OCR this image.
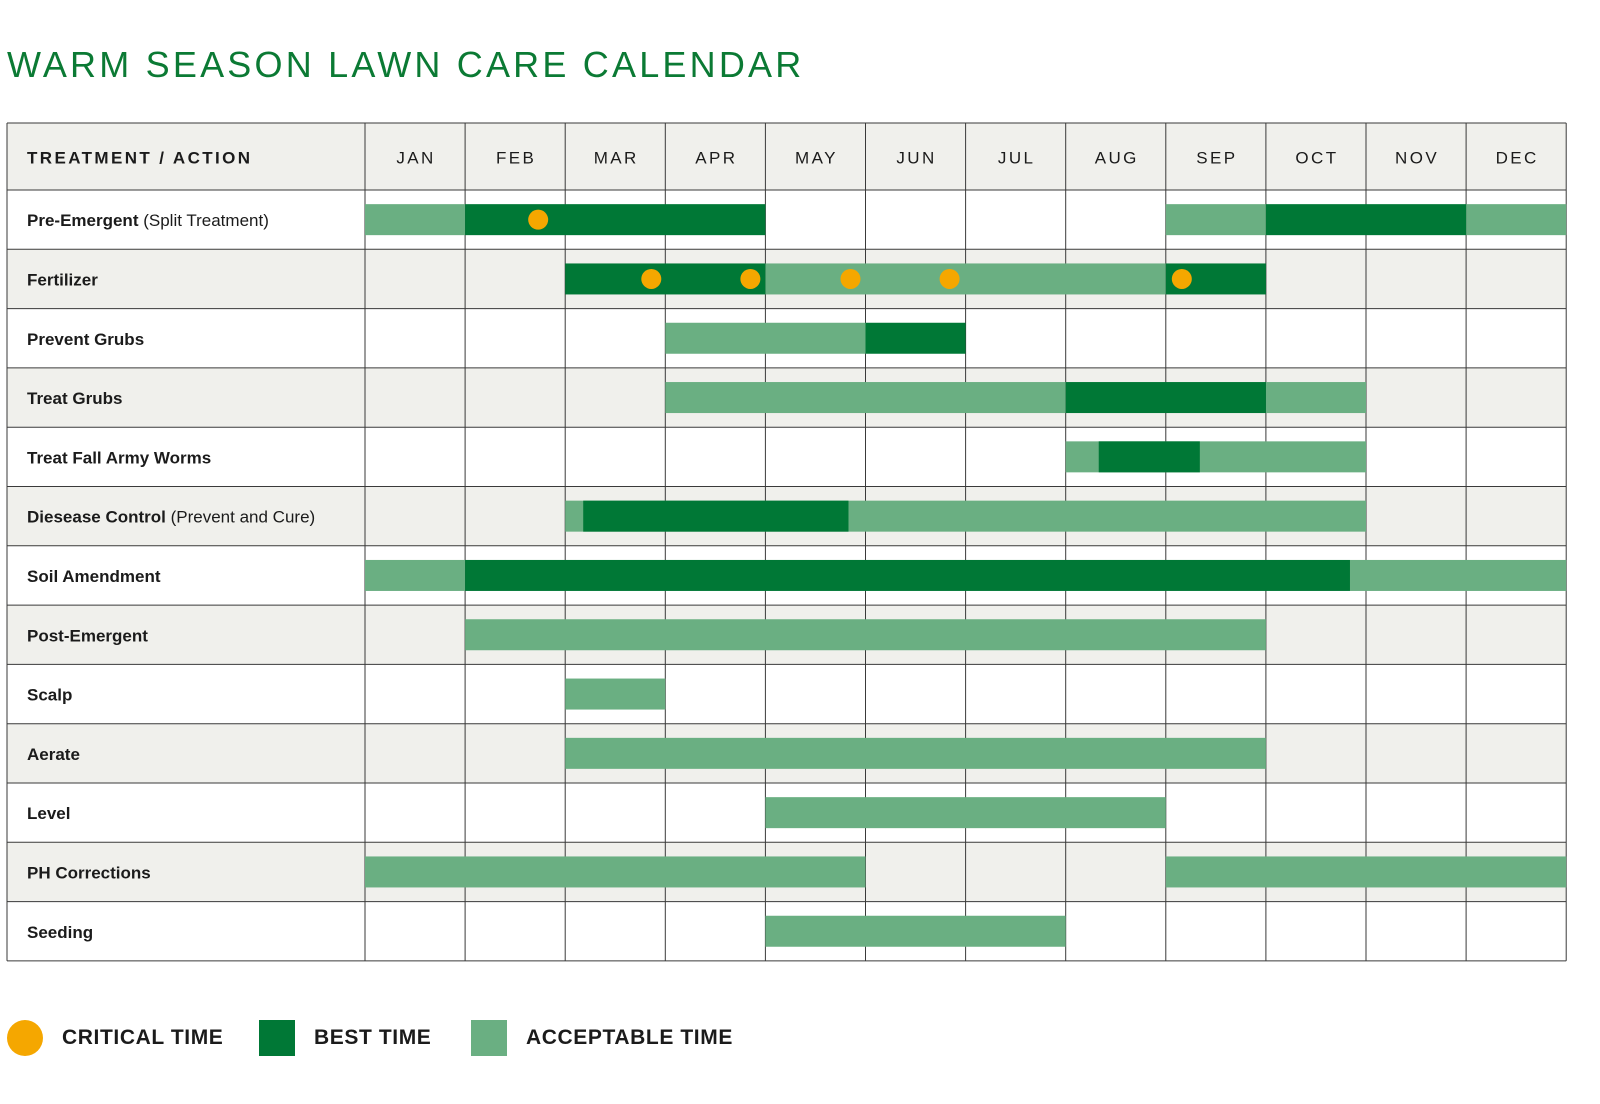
WARM SEASON LAWN CARE CALENDAR
TREATMENT / ACTION	JAN	FEB	MAR	APR	MAY	JUN	JUL	AUG	SEP	OCT	NOV	DEC
Pre-Emergent (Split Treatment)
Fertilizer
Prevent Grubs
Treat Grubs
Treat Fall Army Worms
Diesease Control (Prevent and Cure)
Soil Amendment
Post-Emergent
Scalp
Aerate
Level
PH Corrections
Seeding
CRITICAL TIME	BEST TIME	ACCEPTABLE TIME
